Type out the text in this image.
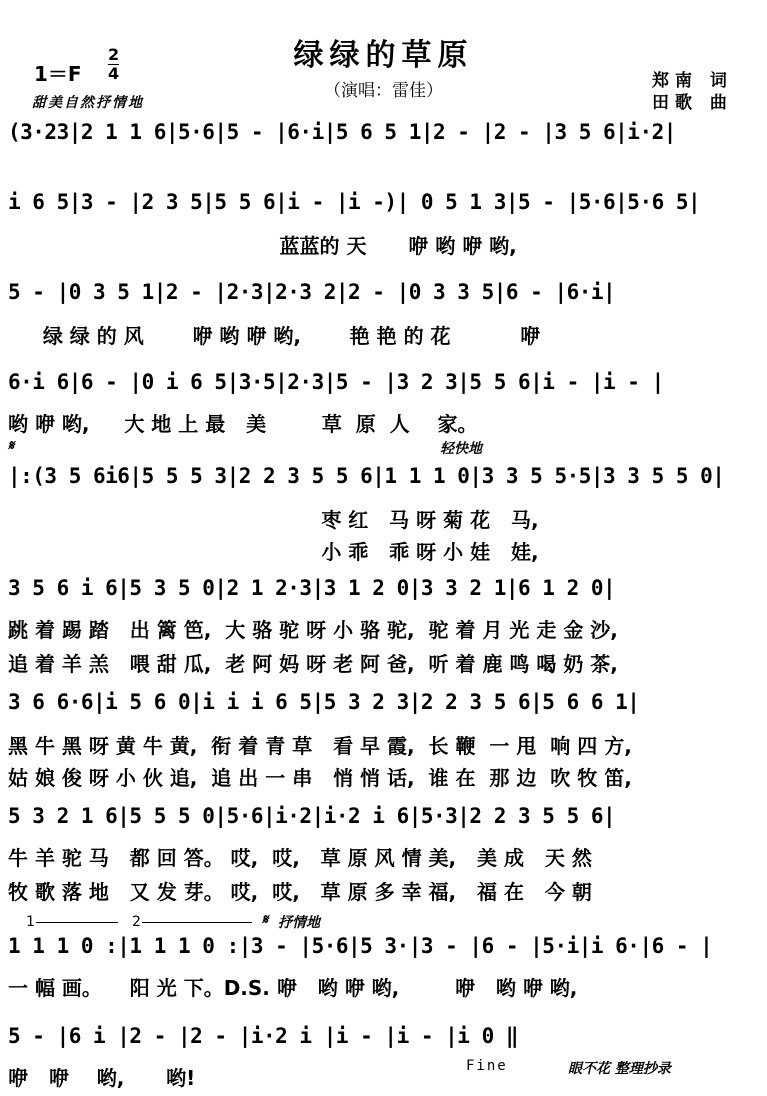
绿绿的草原
（演唱：雷佳）
$1=F \frac{2}{4}$
甜美自然抒情地
郑南 词
田歌 曲
(3·23|2 1 1 6|5·6|5 - |6·i|5 6 5 1|2 - |2 - |3 5 6|i·2|
i 6 5|3 - |2 3 5|5 5 6|i - |i -)| 0 5 1 3|5 - |5·6|5·6 5|
蓝蓝的 天      咿 哟 咿 哟,
5 - |0 3 5 1|2 - |2·3|2·3 2|2 - |0 3 3 5|6 - |6·i|
绿 绿 的 风       咿 哟 咿 哟,       艳 艳 的 花          咿
6·i 6|6 - |0 i 6 5|3·5|2·3|5 - |3 2 3|5 5 6|i - |i - |
哟 咿 哟,     大 地 上 最   美        草  原  人    家。
𝄋	轻快地
|:(3 5 6i6|5 5 5 3|2 2 3 5 5 6|1 1 1 0|3 3 5 5·5|3 3 5 5 0|
枣 红   马 呀 菊 花   马,
小 乖   乖 呀 小 娃   娃,
3 5 6 i 6|5 3 5 0|2 1 2·3|3 1 2 0|3 3 2 1|6 1 2 0|
跳 着 踢 踏   出 篱 笆,  大 骆 驼 呀 小 骆 驼,  驼 着 月 光 走 金 沙,
追 着 羊 羔   喂 甜 瓜,  老 阿 妈 呀 老 阿 爸,  听 着 鹿 鸣 喝 奶 茶,
3 6 6·6|i 5 6 0|i i i 6 5|5 3 2 3|2 2 3 5 6|5 6 6 1|
黑 牛 黑 呀 黄 牛 黄,  衔 着 青 草   看 早 霞,  长 鞭  一 甩  响 四 方,
姑 娘 俊 呀 小 伙 追,  追 出 一 串   悄 悄 话,  谁 在  那 边  吹 牧 笛,
5 3 2 1 6|5 5 5 0|5·6|i·2|i·2 i 6|5·3|2 2 3 5 5 6|
牛 羊 驼 马   都 回 答。 哎,  哎,   草 原 风 情 美,   美 成   天 然
牧 歌 落 地   又 发 芽。 哎,  哎,   草 原 多 幸 福,   福 在   今 朝
1	2	𝄋 抒情地
1 1 1 0 :|1 1 1 0 :|3 - |5·6|5 3·|3 - |6 - |5·i|i 6·|6 - |
一 幅 画。    阳 光 下。D.S. 咿   哟 咿 哟,        咿   哟 咿 哟,
5 - |6 i |2 - |2 - |i·2 i |i - |i - |i 0 ‖
咿   咿    哟,      哟!	Fine	眼不花 整理抄录
